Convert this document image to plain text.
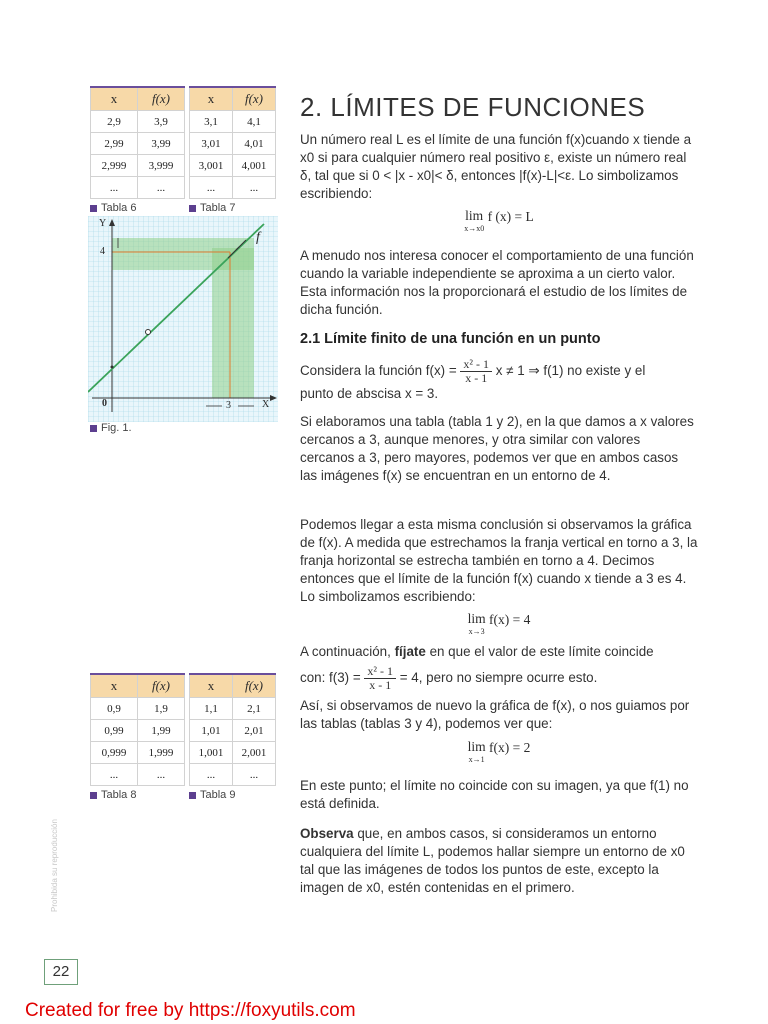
x	f(x)
2,9	3,9
2,99	3,99
2,999	3,999
...	...
Tabla 6
x	f(x)
3,1	4,1
3,01	4,01
3,001	4,001
...	...
Tabla 7
Y
4
0	3	X
f
Fig. 1.
x	f(x)
0,9	1,9
0,99	1,99
0,999	1,999
...	...
Tabla 8
x	f(x)
1,1	2,1
1,01	2,01
1,001	2,001
...	...
Tabla 9
2. LÍMITES DE FUNCIONES
Un número real L es el límite de una función f(x)cuando x tiende a x0 si para cualquier número real positivo ε, existe un número real δ, tal que si 0 < |x - x0|< δ, entonces |f(x)-L|<ε. Lo simbolizamos escribiendo:
lim
x→x0
f (x) = L
A menudo nos interesa conocer el comportamiento de una función cuando la variable independiente se aproxima a un cierto valor. Esta información nos la proporcionará el estudio de los límites de dicha función.
2.1 Límite finito de una función en un punto
Considera la función $f(x) = \frac{\text{x² - 1}}{x - 1}$ x ≠ 1 ⇒ f(1) no existe y el
punto de abscisa x = 3.
Si elaboramos una tabla (tabla 1 y 2), en la que damos a x valores cercanos a 3, aunque menores, y otra similar con valores cercanos a 3, pero mayores, podemos ver que en ambos casos las imágenes f(x) se encuentran en un entorno de 4.
Podemos llegar a esta misma conclusión si observamos la gráfica de f(x). A medida que estrechamos la franja vertical en torno a 3, la franja horizontal se estrecha también en torno a 4. Decimos entonces que el límite de la función f(x) cuando x tiende a 3 es 4. Lo simbolizamos escribiendo:
lim
x→3
f(x) = 4
A continuación, fíjate en que el valor de este límite coincide
con: $f(3) = \frac{\text{x² - 1}}{x - 1} = 4$, pero no siempre ocurre esto.
Así, si observamos de nuevo la gráfica de f(x), o nos guiamos por las tablas (tablas 3 y 4), podemos ver que:
lim
x→1
f(x) = 2
En este punto; el límite no coincide con su imagen, ya que f(1) no está definida.
Observa que, en ambos casos, si consideramos un entorno cualquiera del límite L, podemos hallar siempre un entorno de x0 tal que las imágenes de todos los puntos de este, excepto la imagen de x0, estén contenidas en el primero.
Prohibida su reproducción
22
Created for free by https://foxyutils.com
